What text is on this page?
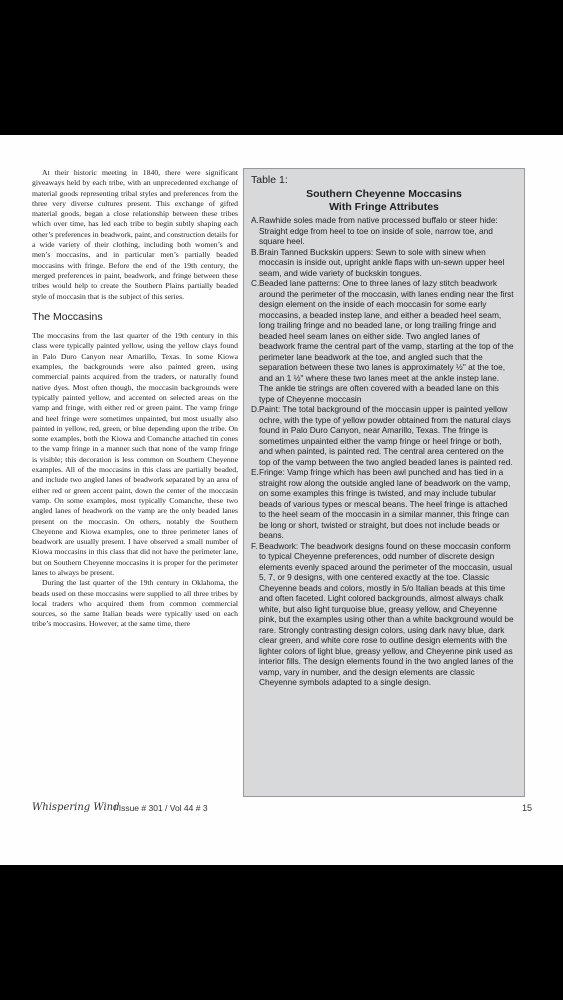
At their historic meeting in 1840, there were significant giveaways held by each tribe, with an unprecedented exchange of material goods representing tribal styles and preferences from the three very diverse cultures present. This exchange of gifted material goods, began a close relationship between these tribes which over time, has led each tribe to begin subtly shaping each other’s preferences in beadwork, paint, and construction details for a wide variety of their clothing, including both women’s and men’s moccasins, and in particular men’s partially beaded moccasins with fringe. Before the end of the 19th century, the merged preferences in paint, beadwork, and fringe between these tribes would help to create the Southern Plains partially beaded style of moccasin that is the subject of this series.

The Moccasins

The moccasins from the last quarter of the 19th century in this class were typically painted yellow, using the yellow clays found in Palo Duro Canyon near Amarillo, Texas. In some Kiowa examples, the backgrounds were also painted green, using commercial paints acquired from the traders, or naturally found native dyes. Most often though, the moccasin backgrounds were typically painted yellow, and accented on selected areas on the vamp and fringe, with either red or green paint. The vamp fringe and heel fringe were sometimes unpainted, but most usually also painted in yellow, red, green, or blue depending upon the tribe. On some examples, both the Kiowa and Comanche attached tin cones to the vamp fringe in a manner such that none of the vamp fringe is visible; this decoration is less common on Southern Cheyenne examples. All of the moccasins in this class are partially beaded, and include two angled lanes of beadwork separated by an area of either red or green accent paint, down the center of the moccasin vamp. On some examples, most typically Comanche, these two angled lanes of headwork on the vamp are the only beaded lanes present on the moccasin. On others, notably the Southern Cheyenne and Kiowa examples, one to three perimeter lanes of beadwork are usually present. I have observed a small number of Kiowa moccasins in this class that did not have the perimeter lane, but on Southern Cheyenne moccasins it is proper for the perimeter lanes to always be present.

During the last quarter of the 19th century in Oklahoma, the beads used on these moccasins were supplied to all three tribes by local traders who acquired them from common commercial sources, so the same Italian beads were typically used on each tribe’s moccasins. However, at the same time, there

Table 1:
Southern Cheyenne Moccasins
With Fringe Attributes
A. Rawhide soles made from native processed buffalo or steer hide: Straight edge from heel to toe on inside of sole, narrow toe, and square heel.
B. Brain Tanned Buckskin uppers: Sewn to sole with sinew when moccasin is inside out, upright ankle flaps with un-sewn upper heel seam, and wide variety of buckskin tongues.
C. Beaded lane patterns: One to three lanes of lazy stitch beadwork around the perimeter of the moccasin, with lanes ending near the first design element on the inside of each moccasin for some early moccasins, a beaded instep lane, and either a beaded heel seam, long trailing fringe and no beaded lane, or long trailing fringe and beaded heel seam lanes on either side. Two angled lanes of beadwork frame the central part of the vamp, starting at the top of the perimeter lane beadwork at the toe, and angled such that the separation between these two lanes is approximately ½" at the toe, and an 1 ½" where these two lanes meet at the ankle instep lane. The ankle tie strings are often covered with a beaded lane on this type of Cheyenne moccasin
D. Paint: The total background of the moccasin upper is painted yellow ochre, with the type of yellow powder obtained from the natural clays found in Palo Duro Canyon, near Amarillo, Texas. The fringe is sometimes unpainted either the vamp fringe or heel fringe or both, and when painted, is painted red. The central area centered on the top of the vamp between the two angled beaded lanes is painted red.
E. Fringe: Vamp fringe which has been awl punched and has tied in a straight row along the outside angled lane of beadwork on the vamp, on some examples this fringe is twisted, and may include tubular beads of various types or mescal beans. The heel fringe is attached to the heel seam of the moccasin in a similar manner, this fringe can be long or short, twisted or straight, but does not include beads or beans.
F. Beadwork: The beadwork designs found on these moccasin conform to typical Cheyenne preferences, odd number of discrete design elements evenly spaced around the perimeter of the moccasin, usual 5, 7, or 9 designs, with one centered exactly at the toe. Classic Cheyenne beads and colors, mostly in 5/o Italian beads at this time and often faceted. Light colored backgrounds, almost always chalk white, but also light turquoise blue, greasy yellow, and Cheyenne pink, but the examples using other than a white background would be rare. Strongly contrasting design colors, using dark navy blue, dark clear green, and white core rose to outline design elements with the lighter colors of light blue, greasy yellow, and Cheyenne pink used as interior fills. The design elements found in the two angled lanes of the vamp, vary in number, and the design elements are classic Cheyenne symbols adapted to a single design.
Whispering Wind
/ Issue # 301 / Vol 44 # 3	15
